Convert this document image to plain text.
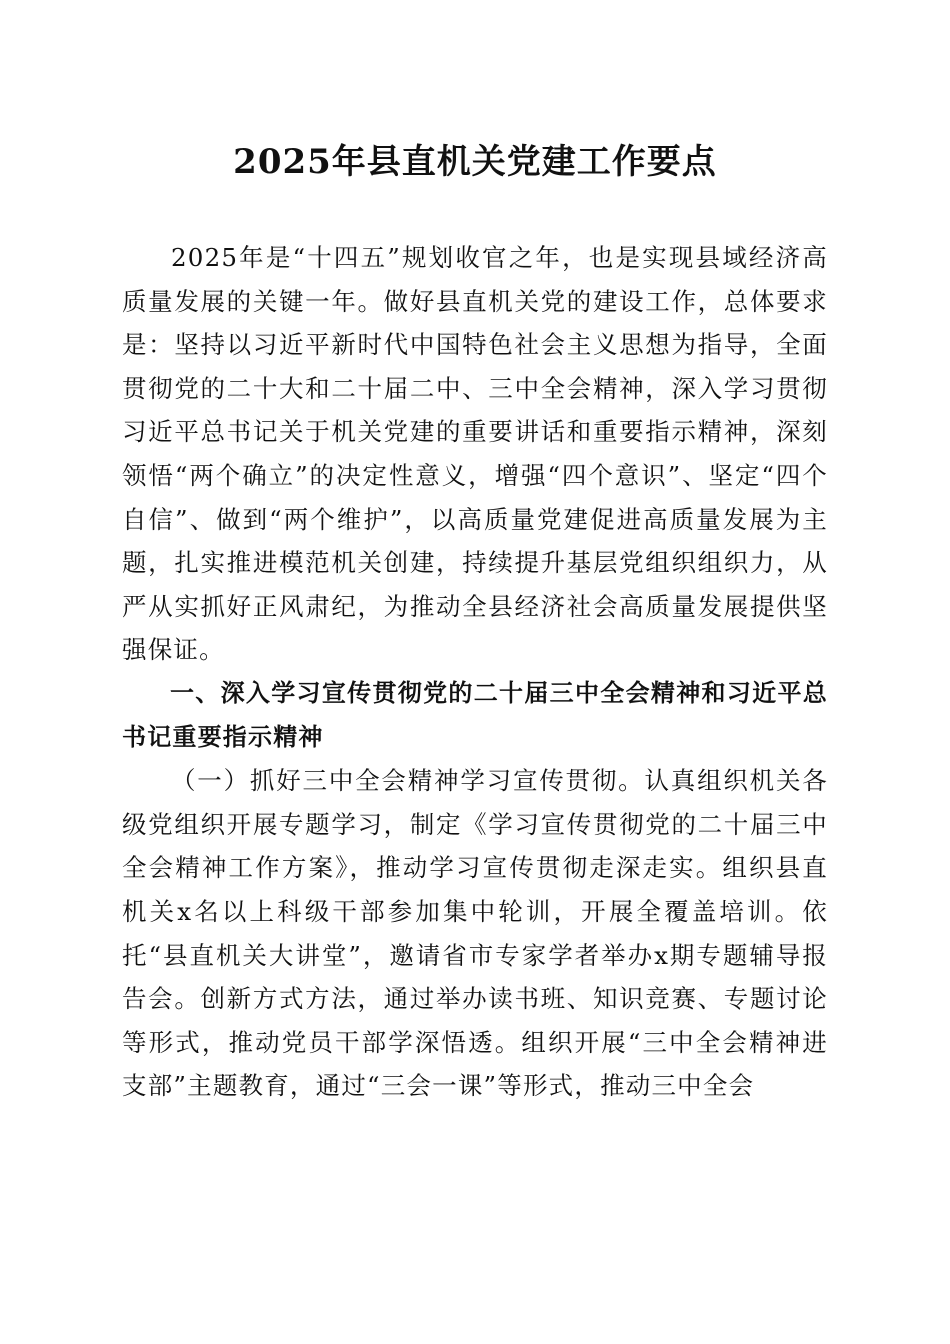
2025年县直机关党建工作要点

2025年是“十四五”规划收官之年，也是实现县域经济高质量发展的关键一年。做好县直机关党的建设工作，总体要求是：坚持以习近平新时代中国特色社会主义思想为指导，全面贯彻党的二十大和二十届二中、三中全会精神，深入学习贯彻习近平总书记关于机关党建的重要讲话和重要指示精神，深刻领悟“两个确立”的决定性意义，增强“四个意识”、坚定“四个自信”、做到“两个维护”，以高质量党建促进高质量发展为主题，扎实推进模范机关创建，持续提升基层党组织组织力，从严从实抓好正风肃纪，为推动全县经济社会高质量发展提供坚强保证。

一、深入学习宣传贯彻党的二十届三中全会精神和习近平总书记重要指示精神

（一）抓好三中全会精神学习宣传贯彻。认真组织机关各级党组织开展专题学习，制定《学习宣传贯彻党的二十届三中全会精神工作方案》，推动学习宣传贯彻走深走实。组织县直机关x名以上科级干部参加集中轮训，开展全覆盖培训。依托“县直机关大讲堂”，邀请省市专家学者举办x期专题辅导报告会。创新方式方法，通过举办读书班、知识竞赛、专题讨论等形式，推动党员干部学深悟透。组织开展“三中全会精神进支部”主题教育，通过“三会一课”等形式，推动三中全会
